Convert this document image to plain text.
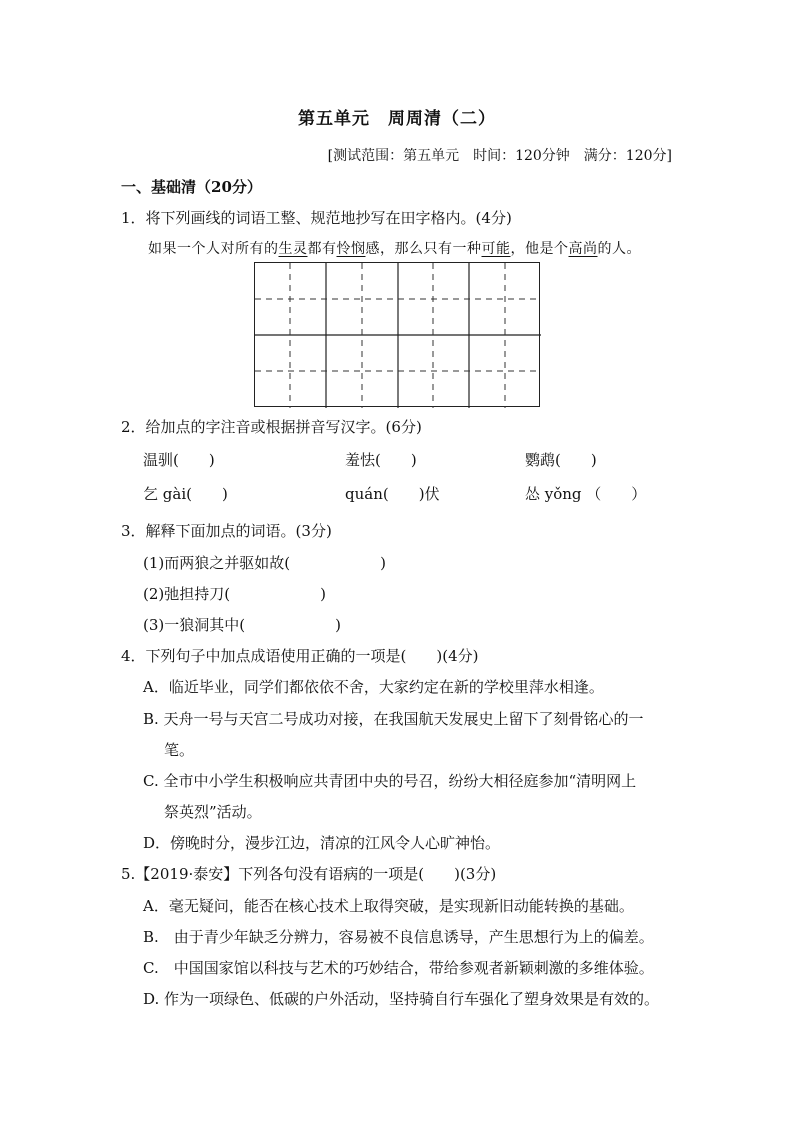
第五单元　周周清（二）
[测试范围：第五单元　时间：120分钟　满分：120分]
一、基础清（20分）
1．将下列画线的词语工整、规范地抄写在田字格内。(4分)
如果一个人对所有的生灵都有怜悯感，那么只有一种可能，他是个高尚的人。
2．给加点的字注音或根据拼音写汉字。(6分)
温驯(　　)	羞怯(　　)	鹦鹉(　　)
乞 gài(　　)	quán(　　)伏	怂 yǒng （　　）
3．解释下面加点的词语。(3分)
(1)而两狼之并驱如故(　　　　　　)
(2)弛担持刀(　　　　　　)
(3)一狼洞其中(　　　　　　)
4．下列句子中加点成语使用正确的一项是(　　)(4分)
A．临近毕业，同学们都依依不舍，大家约定在新的学校里萍水相逢。
B. 天舟一号与天宫二号成功对接，在我国航天发展史上留下了刻骨铭心的一
笔。
C. 全市中小学生积极响应共青团中央的号召，纷纷大相径庭参加“清明网上
祭英烈”活动。
D．傍晚时分，漫步江边，清凉的江风令人心旷神怡。
5.【2019·泰安】下列各句没有语病的一项是(　　)(3分)
A．毫无疑问，能否在核心技术上取得突破，是实现新旧动能转换的基础。
B.　由于青少年缺乏分辨力，容易被不良信息诱导，产生思想行为上的偏差。
C.　中国国家馆以科技与艺术的巧妙结合，带给参观者新颖刺激的多维体验。
D. 作为一项绿色、低碳的户外活动，坚持骑自行车强化了塑身效果是有效的。
